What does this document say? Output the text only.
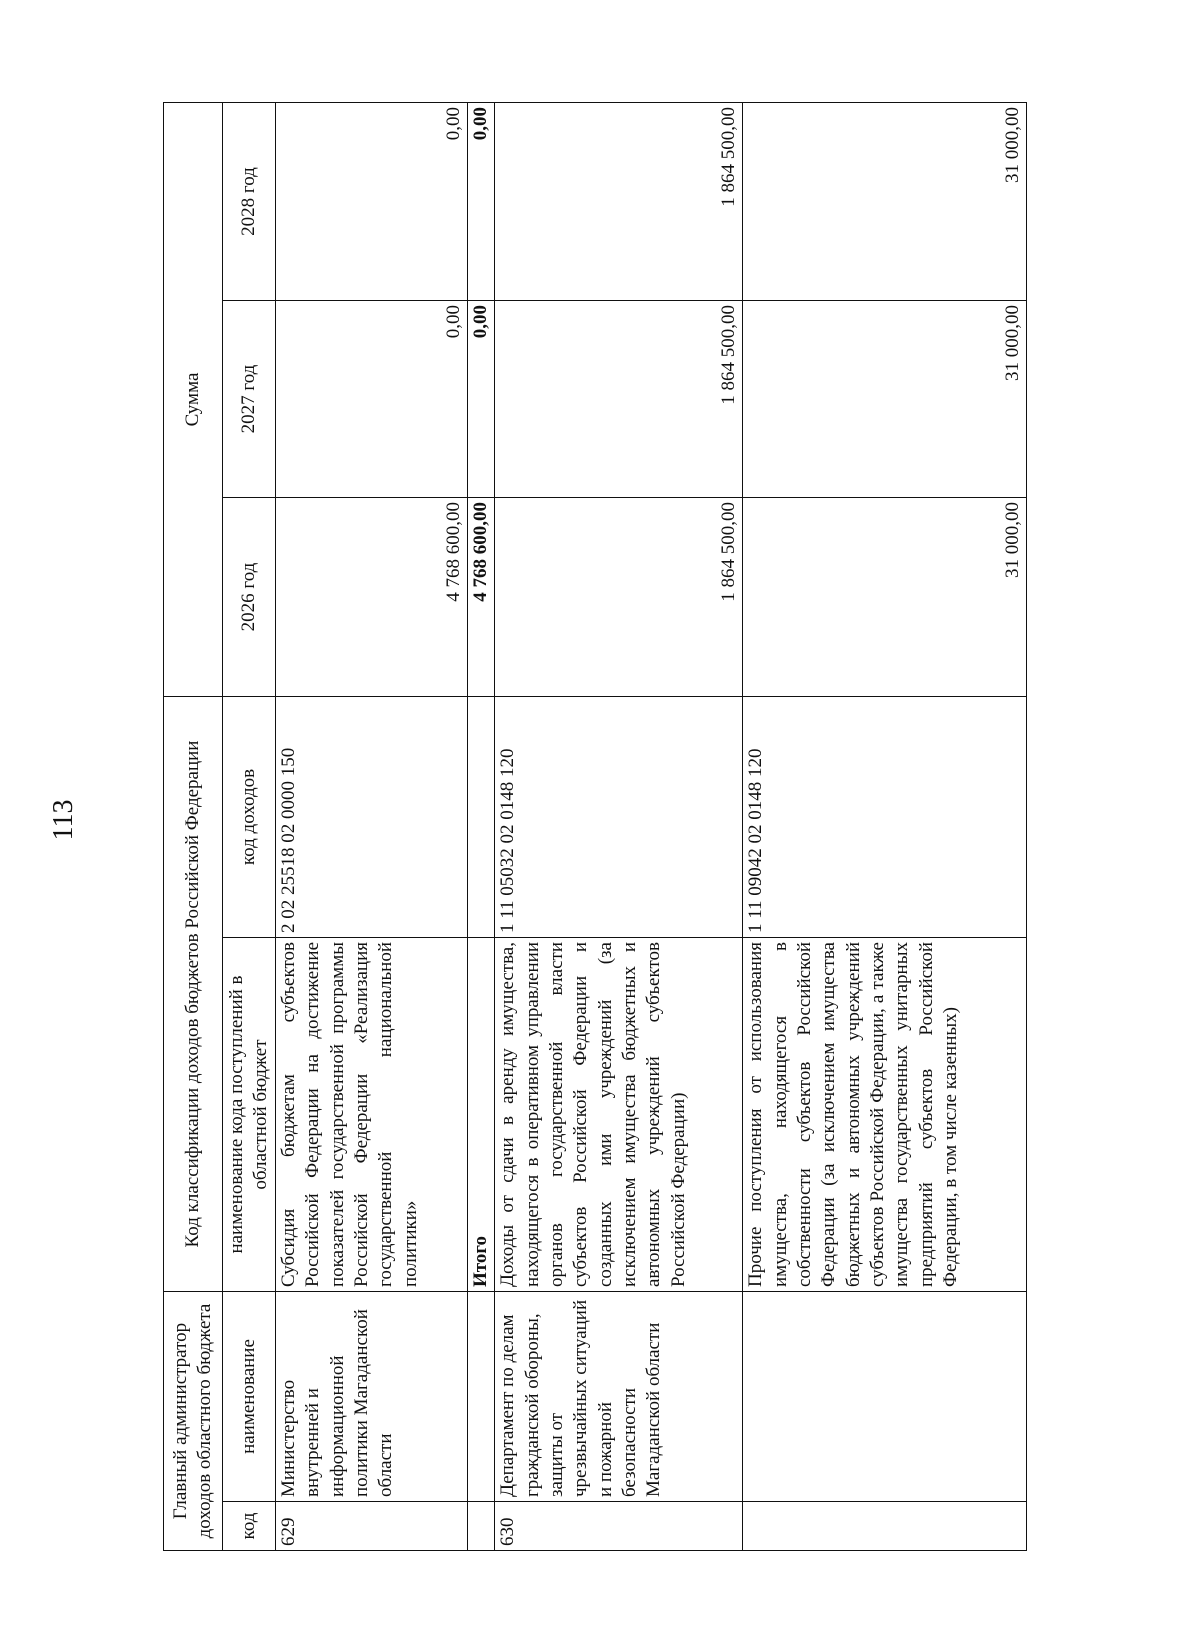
113
Главный администратор доходов областного бюджета		Код классификации доходов бюджетов Российской Федерации		Сумма		
код	наименование	наименование кода поступлений в областной бюджет	код доходов	2026 год	2027 год	2028 год
629	Министерство внутренней и информационной политики Магаданской области	Субсидия бюджетам субъектов Российской Федерации на достижение показателей государственной программы Российской Федерации «Реализация государственной национальной политики»	2 02 25518 02 0000 150	4 768 600,00	0,00	0,00
		Итого		4 768 600,00	0,00	0,00
630	Департамент по делам гражданской обороны, защиты от чрезвычайных ситуаций и пожарной безопасности Магаданской области	Доходы от сдачи в аренду имущества, находящегося в оперативном управлении органов государственной власти субъектов Российской Федерации и созданных ими учреждений (за исключением имущества бюджетных и автономных учреждений субъектов Российской Федерации)	1 11 05032 02 0148 120	1 864 500,00	1 864 500,00	1 864 500,00
		Прочие поступления от использования имущества, находящегося в собственности субъектов Российской Федерации (за исключением имущества бюджетных и автономных учреждений субъектов Российской Федерации, а также имущества государственных унитарных предприятий субъектов Российской Федерации, в том числе казенных)	1 11 09042 02 0148 120	31 000,00	31 000,00	31 000,00
